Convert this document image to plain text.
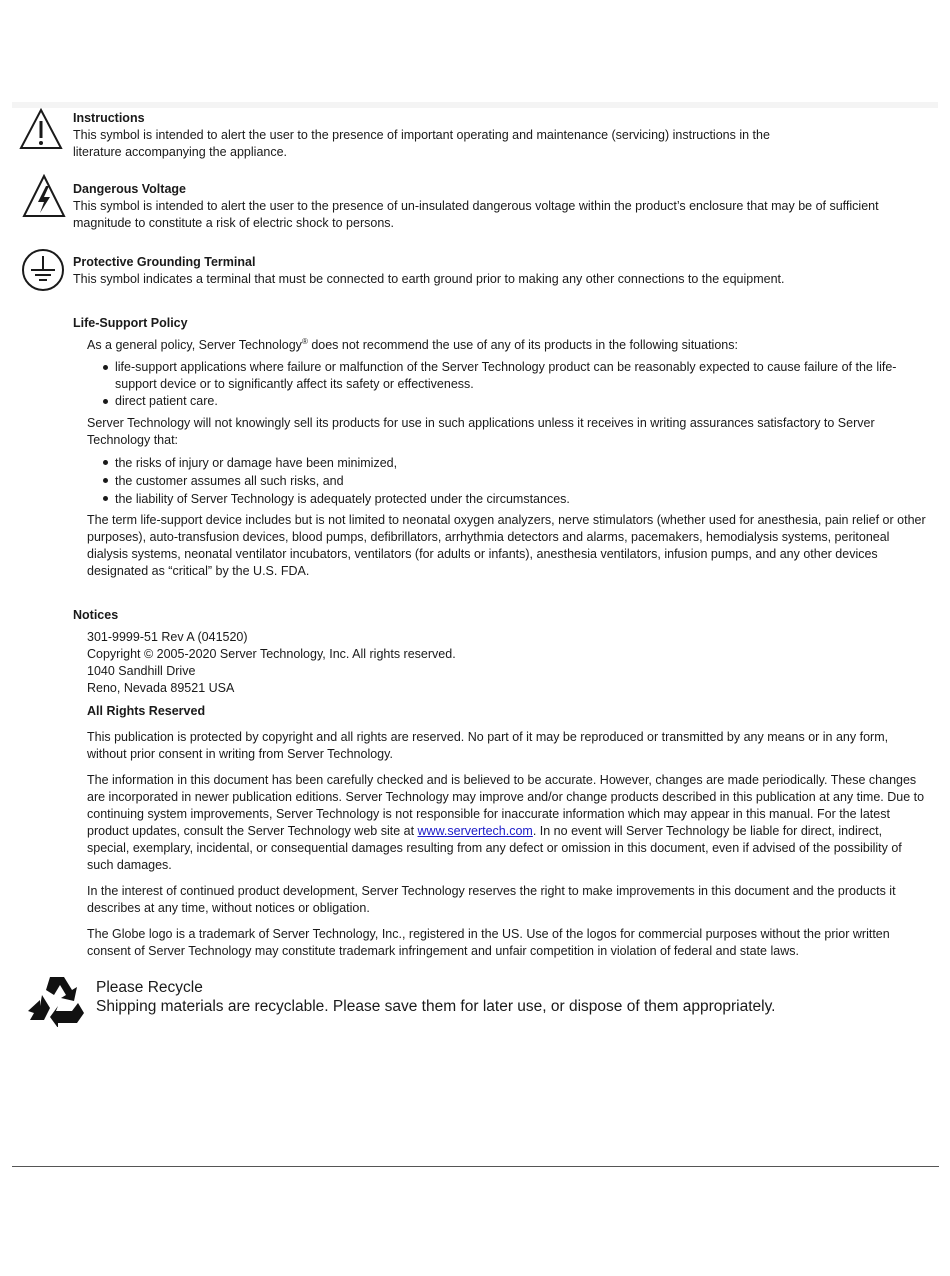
Instructions

This symbol is intended to alert the user to the presence of important operating and maintenance (servicing) instructions in the literature accompanying the appliance.

Dangerous Voltage

This symbol is intended to alert the user to the presence of un-insulated dangerous voltage within the product’s enclosure that may be of sufficient magnitude to constitute a risk of electric shock to persons.

Protective Grounding Terminal

This symbol indicates a terminal that must be connected to earth ground prior to making any other connections to the equipment.

Life-Support Policy

As a general policy, Server Technology® does not recommend the use of any of its products in the following situations:

life-support applications where failure or malfunction of the Server Technology product can be reasonably expected to cause failure of the life-support device or to significantly affect its safety or effectiveness.
direct patient care.

Server Technology will not knowingly sell its products for use in such applications unless it receives in writing assurances satisfactory to Server Technology that:

the risks of injury or damage have been minimized,
the customer assumes all such risks, and
the liability of Server Technology is adequately protected under the circumstances.

The term life-support device includes but is not limited to neonatal oxygen analyzers, nerve stimulators (whether used for anesthesia, pain relief or other purposes), auto-transfusion devices, blood pumps, defibrillators, arrhythmia detectors and alarms, pacemakers, hemodialysis systems, peritoneal dialysis systems, neonatal ventilator incubators, ventilators (for adults or infants), anesthesia ventilators, infusion pumps, and any other devices designated as “critical” by the U.S. FDA.

Notices
301-9999-51 Rev A (041520)
Copyright © 2005-2020 Server Technology, Inc. All rights reserved.
1040 Sandhill Drive
Reno, Nevada 89521 USA
All Rights Reserved

This publication is protected by copyright and all rights are reserved. No part of it may be reproduced or transmitted by any means or in any form, without prior consent in writing from Server Technology.

The information in this document has been carefully checked and is believed to be accurate. However, changes are made periodically. These changes are incorporated in newer publication editions. Server Technology may improve and/or change products described in this publication at any time. Due to continuing system improvements, Server Technology is not responsible for inaccurate information which may appear in this manual. For the latest product updates, consult the Server Technology web site at www.servertech.com. In no event will Server Technology be liable for direct, indirect, special, exemplary, incidental, or consequential damages resulting from any defect or omission in this document, even if advised of the possibility of such damages.

In the interest of continued product development, Server Technology reserves the right to make improvements in this document and the products it describes at any time, without notices or obligation.

The Globe logo is a trademark of Server Technology, Inc., registered in the US. Use of the logos for commercial purposes without the prior written consent of Server Technology may constitute trademark infringement and unfair competition in violation of federal and state laws.

Please Recycle
Shipping materials are recyclable. Please save them for later use, or dispose of them appropriately.
